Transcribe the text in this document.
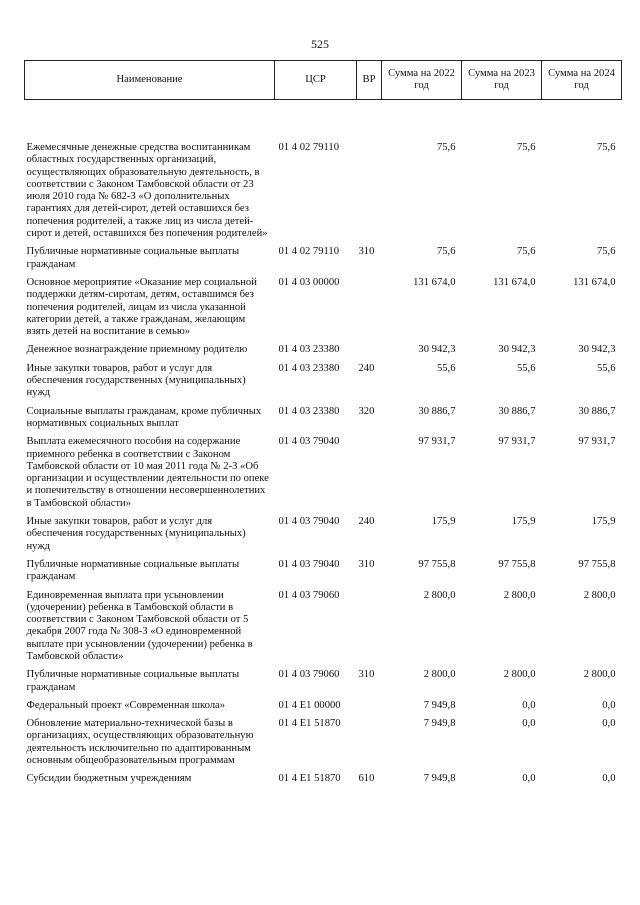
525
Наименование	ЦСР	ВР	Сумма на 2022 год	Сумма на 2023 год	Сумма на 2024 год
Ежемесячные денежные средства воспитанникам областных государственных организаций, осуществляющих образовательную деятельность, в соответствии с Законом Тамбовской области от 23 июля 2010 года № 682-З «О дополнительных гарантиях для детей-сирот, детей оставшихся без попечения родителей, а также лиц из числа детей-сирот и детей, оставшихся без попечения родителей»	01 4 02 79110		75,6	75,6	75,6
Публичные нормативные социальные выплаты гражданам	01 4 02 79110	310	75,6	75,6	75,6
Основное мероприятие «Оказание мер социальной поддержки детям-сиротам, детям, оставшимся без попечения родителей, лицам из числа указанной категории детей, а также гражданам, желающим взять детей на воспитание в семью»	01 4 03 00000		131 674,0	131 674,0	131 674,0
Денежное вознаграждение приемному родителю	01 4 03 23380		30 942,3	30 942,3	30 942,3
Иные закупки товаров, работ и услуг для обеспечения государственных (муниципальных) нужд	01 4 03 23380	240	55,6	55,6	55,6
Социальные выплаты гражданам, кроме публичных нормативных социальных выплат	01 4 03 23380	320	30 886,7	30 886,7	30 886,7
Выплата ежемесячного пособия на содержание приемного ребенка в соответствии с Законом Тамбовской области от 10 мая 2011 года № 2-З «Об организации и осуществлении деятельности по опеке и попечительству в отношении несовершеннолетних в Тамбовской области»	01 4 03 79040		97 931,7	97 931,7	97 931,7
Иные закупки товаров, работ и услуг для обеспечения государственных (муниципальных) нужд	01 4 03 79040	240	175,9	175,9	175,9
Публичные нормативные социальные выплаты гражданам	01 4 03 79040	310	97 755,8	97 755,8	97 755,8
Единовременная выплата при усыновлении (удочерении) ребенка в Тамбовской области в соответствии с Законом Тамбовской области от 5 декабря 2007 года № 308-З «О единовременной выплате при усыновлении (удочерении) ребенка в Тамбовской области»	01 4 03 79060		2 800,0	2 800,0	2 800,0
Публичные нормативные социальные выплаты гражданам	01 4 03 79060	310	2 800,0	2 800,0	2 800,0
Федеральный проект «Современная школа»	01 4 E1 00000		7 949,8	0,0	0,0
Обновление материально-технической базы в организациях, осуществляющих образовательную деятельность исключительно по адаптированным основным общеобразовательным программам	01 4 E1 51870		7 949,8	0,0	0,0
Субсидии бюджетным учреждениям	01 4 E1 51870	610	7 949,8	0,0	0,0
